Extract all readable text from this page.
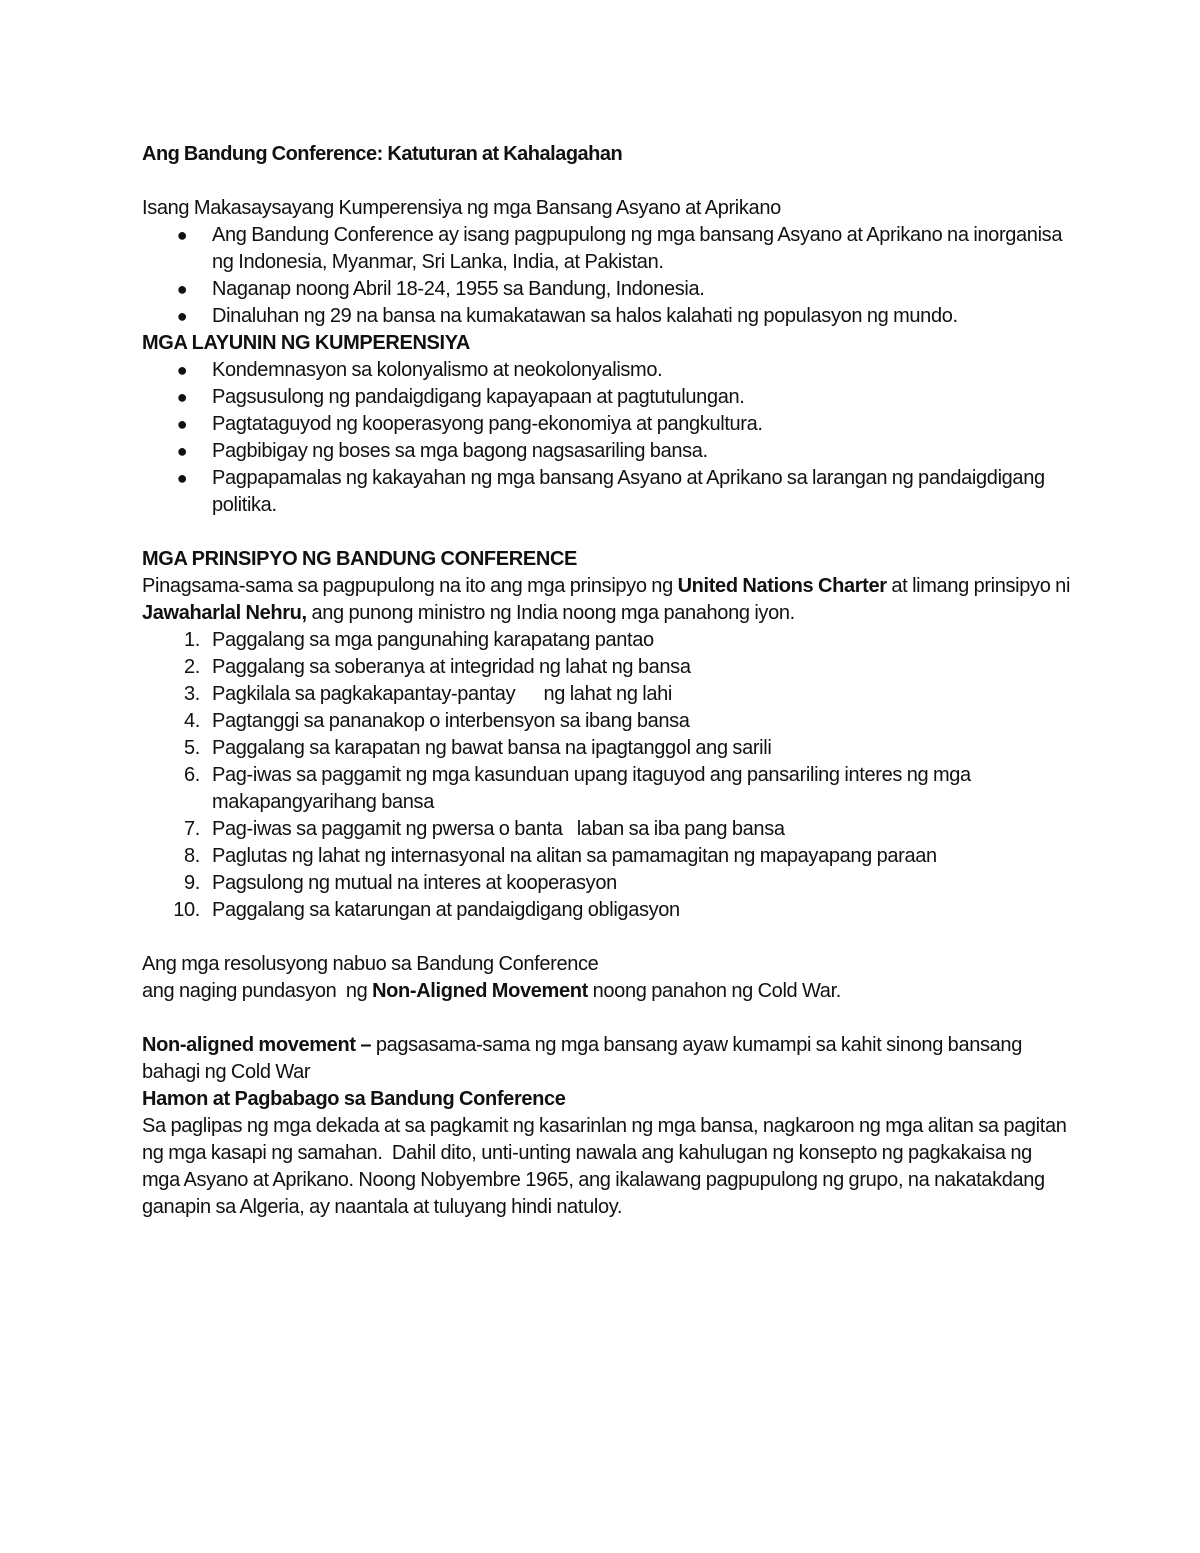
Ang Bandung Conference: Katuturan at Kahalagahan

Isang Makasaysayang Kumperensiya ng mga Bansang Asyano at Aprikano

● Ang Bandung Conference ay isang pagpupulong ng mga bansang Asyano at Aprikano na inorganisa ng Indonesia, Myanmar, Sri Lanka, India, at Pakistan.
● Naganap noong Abril 18-24, 1955 sa Bandung, Indonesia.
● Dinaluhan ng 29 na bansa na kumakatawan sa halos kalahati ng populasyon ng mundo.

MGA LAYUNIN NG KUMPERENSIYA

● Kondemnasyon sa kolonyalismo at neokolonyalismo.
● Pagsusulong ng pandaigdigang kapayapaan at pagtutulungan.
● Pagtataguyod ng kooperasyong pang-ekonomiya at pangkultura.
● Pagbibigay ng boses sa mga bagong nagsasariling bansa.
● Pagpapamalas ng kakayahan ng mga bansang Asyano at Aprikano sa larangan ng pandaigdigang politika.

MGA PRINSIPYO NG BANDUNG CONFERENCE

Pinagsama-sama sa pagpupulong na ito ang mga prinsipyo ng United Nations Charter at limang prinsipyo ni Jawaharlal Nehru, ang punong ministro ng India noong mga panahong iyon.

1. Paggalang sa mga pangunahing karapatang pantao
2. Paggalang sa soberanya at integridad ng lahat ng bansa
3. Pagkilala sa pagkakapantay-pantay      ng lahat ng lahi
4. Pagtanggi sa pananakop o interbensyon sa ibang bansa
5. Paggalang sa karapatan ng bawat bansa na ipagtanggol ang sarili
6. Pag-iwas sa paggamit ng mga kasunduan upang itaguyod ang pansariling interes ng mga makapangyarihang bansa
7. Pag-iwas sa paggamit ng pwersa o banta   laban sa iba pang bansa
8. Paglutas ng lahat ng internasyonal na alitan sa pamamagitan ng mapayapang paraan
9. Pagsulong ng mutual na interes at kooperasyon
10. Paggalang sa katarungan at pandaigdigang obligasyon

Ang mga resolusyong nabuo sa Bandung Conference

ang naging pundasyon  ng Non-Aligned Movement noong panahon ng Cold War.

Non-aligned movement – pagsasama-sama ng mga bansang ayaw kumampi sa kahit sinong bansang bahagi ng Cold War

Hamon at Pagbabago sa Bandung Conference

Sa paglipas ng mga dekada at sa pagkamit ng kasarinlan ng mga bansa, nagkaroon ng mga alitan sa pagitan ng mga kasapi ng samahan.  Dahil dito, unti-unting nawala ang kahulugan ng konsepto ng pagkakaisa ng mga Asyano at Aprikano. Noong Nobyembre 1965, ang ikalawang pagpupulong ng grupo, na nakatakdang ganapin sa Algeria, ay naantala at tuluyang hindi natuloy.
